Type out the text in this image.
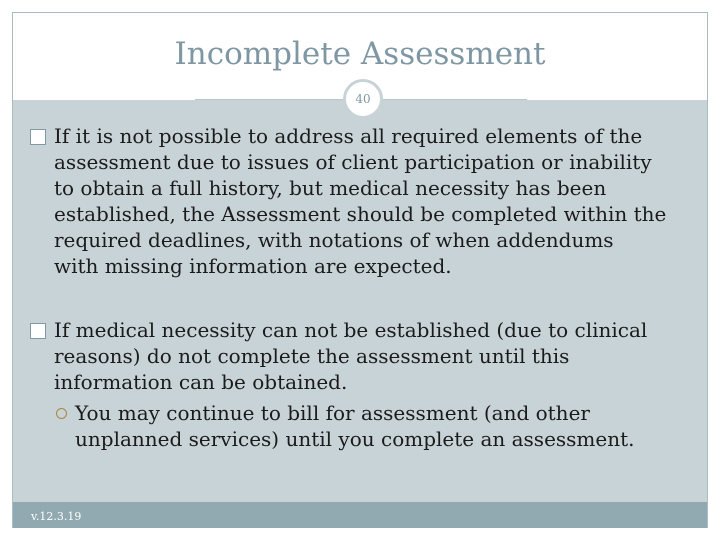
Incomplete Assessment
40
If it is not possible to address all required elements of the
assessment due to issues of client participation or inability
to obtain a full history, but medical necessity has been
established, the Assessment should be completed within the
required deadlines, with notations of when addendums
with missing information are expected.
If medical necessity can not be established (due to clinical
reasons) do not complete the assessment until this
information can be obtained.
You may continue to bill for assessment (and other
unplanned services) until you complete an assessment.
v.12.3.19
